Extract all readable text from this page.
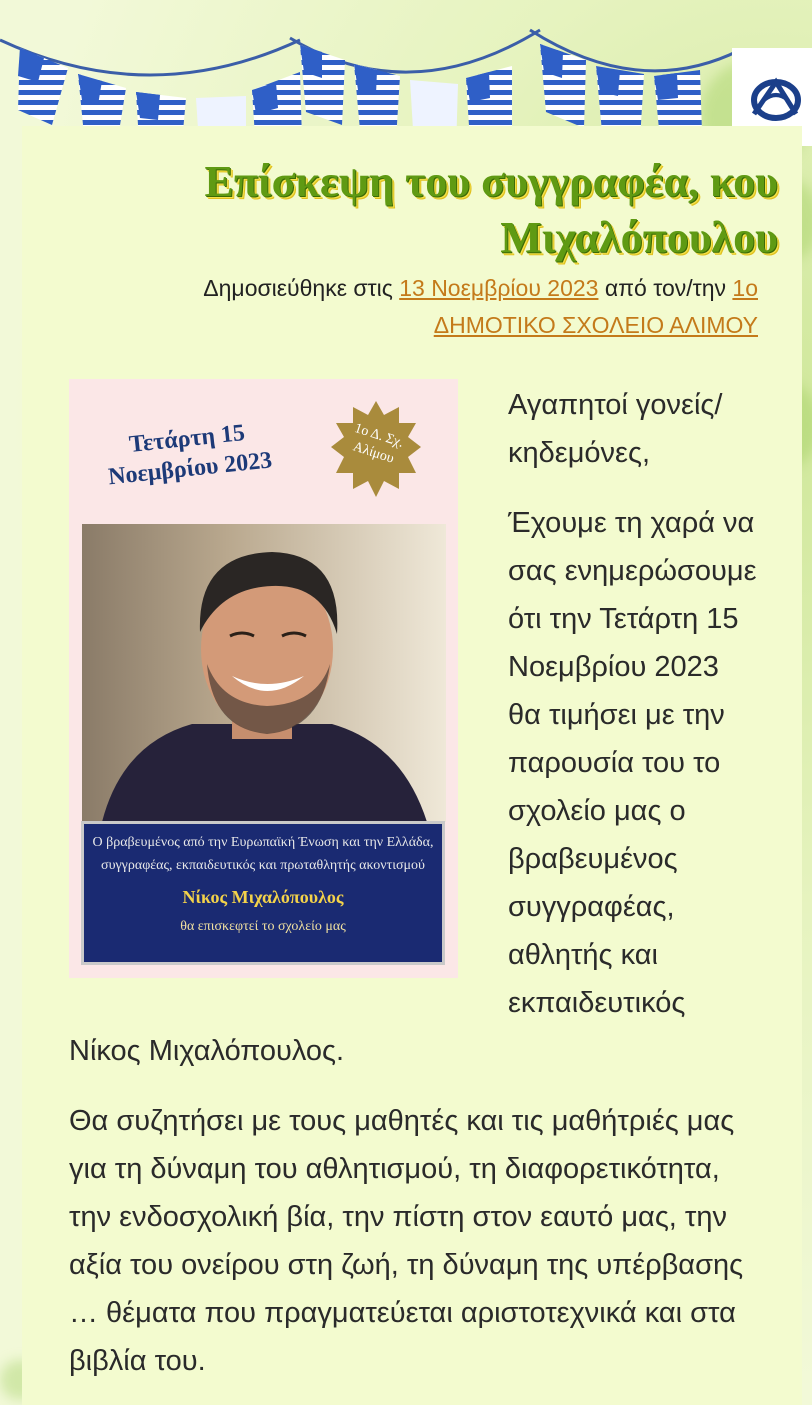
Επίσκεψη του συγγραφέα, κου Μιχαλόπουλου
Δημοσιεύθηκε στις 13 Νοεμβρίου 2023 από τον/την 1ο ΔΗΜΟΤΙΚΟ ΣΧΟΛΕΙΟ ΑΛΙΜΟΥ
Τετάρτη 15 Νοεμβρίου 2023
1ο Δ. Σχ. Αλίμου
Ο βραβευμένος από την Ευρωπαϊκή Ένωση και την Ελλάδα, συγγραφέας, εκπαιδευτικός και πρωταθλητής ακοντισμού
Νίκος Μιχαλόπουλος
θα επισκεφτεί το σχολείο μας

Αγαπητοί γονείς/κηδεμόνες,

Έχουμε τη χαρά να σας ενημερώσουμε ότι την Τετάρτη 15 Νοεμβρίου 2023 θα τιμήσει με την παρουσία του το σχολείο μας ο βραβευμένος συγγραφέας, αθλητής και εκπαιδευτικός Νίκος Μιχαλόπουλος.

Θα συζητήσει με τους μαθητές και τις μαθήτριές μας για τη δύναμη του αθλητισμού, τη διαφορετικότητα, την ενδοσχολική βία, την πίστη στον εαυτό μας, την αξία του ονείρου στη ζωή, τη δύναμη της υπέρβασης … θέματα που πραγματεύεται αριστοτεχνικά και στα βιβλία του.
